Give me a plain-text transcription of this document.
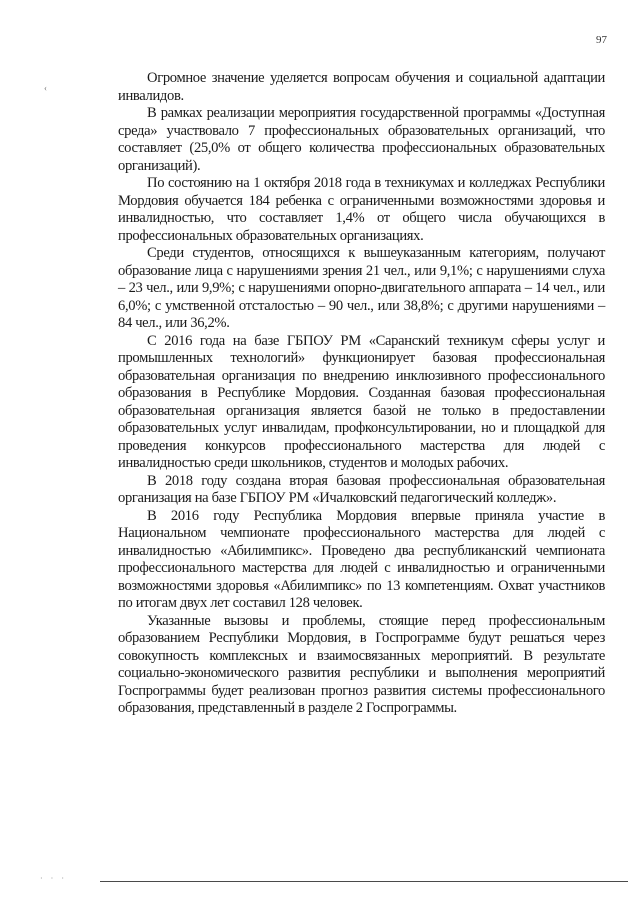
97
‹

Огромное значение уделяется вопросам обучения и социальной адаптации инвалидов.

В рамках реализации мероприятия государственной программы «Доступная среда» участвовало 7 профессиональных образовательных организаций, что составляет (25,0% от общего количества профессиональных образовательных организаций).

По состоянию на 1 октября 2018 года в техникумах и колледжах Республики Мордовия обучается 184 ребенка с ограниченными возможностями здоровья и инвалидностью, что составляет 1,4% от общего числа обучающихся в профессиональных образовательных организациях.

Среди студентов, относящихся к вышеуказанным категориям, получают образование лица с нарушениями зрения 21 чел., или 9,1%; с нарушениями слуха – 23 чел., или 9,9%; с нарушениями опорно-двигательного аппарата – 14 чел., или 6,0%; с умственной отсталостью – 90 чел., или 38,8%; с другими нарушениями – 84 чел., или 36,2%.

С 2016 года на базе ГБПОУ РМ «Саранский техникум сферы услуг и промышленных технологий» функционирует базовая профессиональная образовательная организация по внедрению инклюзивного профессионального образования в Республике Мордовия. Созданная базовая профессиональная образовательная организация является базой не только в предоставлении образовательных услуг инвалидам, профконсультировании, но и площадкой для проведения конкурсов профессионального мастерства для людей с инвалидностью среди школьников, студентов и молодых рабочих.

В 2018 году создана вторая базовая профессиональная образовательная организация на базе ГБПОУ РМ «Ичалковский педагогический колледж».

В 2016 году Республика Мордовия впервые приняла участие в Национальном чемпионате профессионального мастерства для людей с инвалидностью «Абилимпикс». Проведено два республиканский чемпионата профессионального мастерства для людей с инвалидностью и ограниченными возможностями здоровья «Абилимпикс» по 13 компетенциям. Охват участников по итогам двух лет составил 128 человек.

Указанные вызовы и проблемы, стоящие перед профессиональным образованием Республики Мордовия, в Госпрограмме будут решаться через совокупность комплексных и взаимосвязанных мероприятий. В результате социально-экономического развития республики и выполнения мероприятий Госпрограммы будет реализован прогноз развития системы профессионального образования, представленный в разделе 2 Госпрограммы.

· · ·
